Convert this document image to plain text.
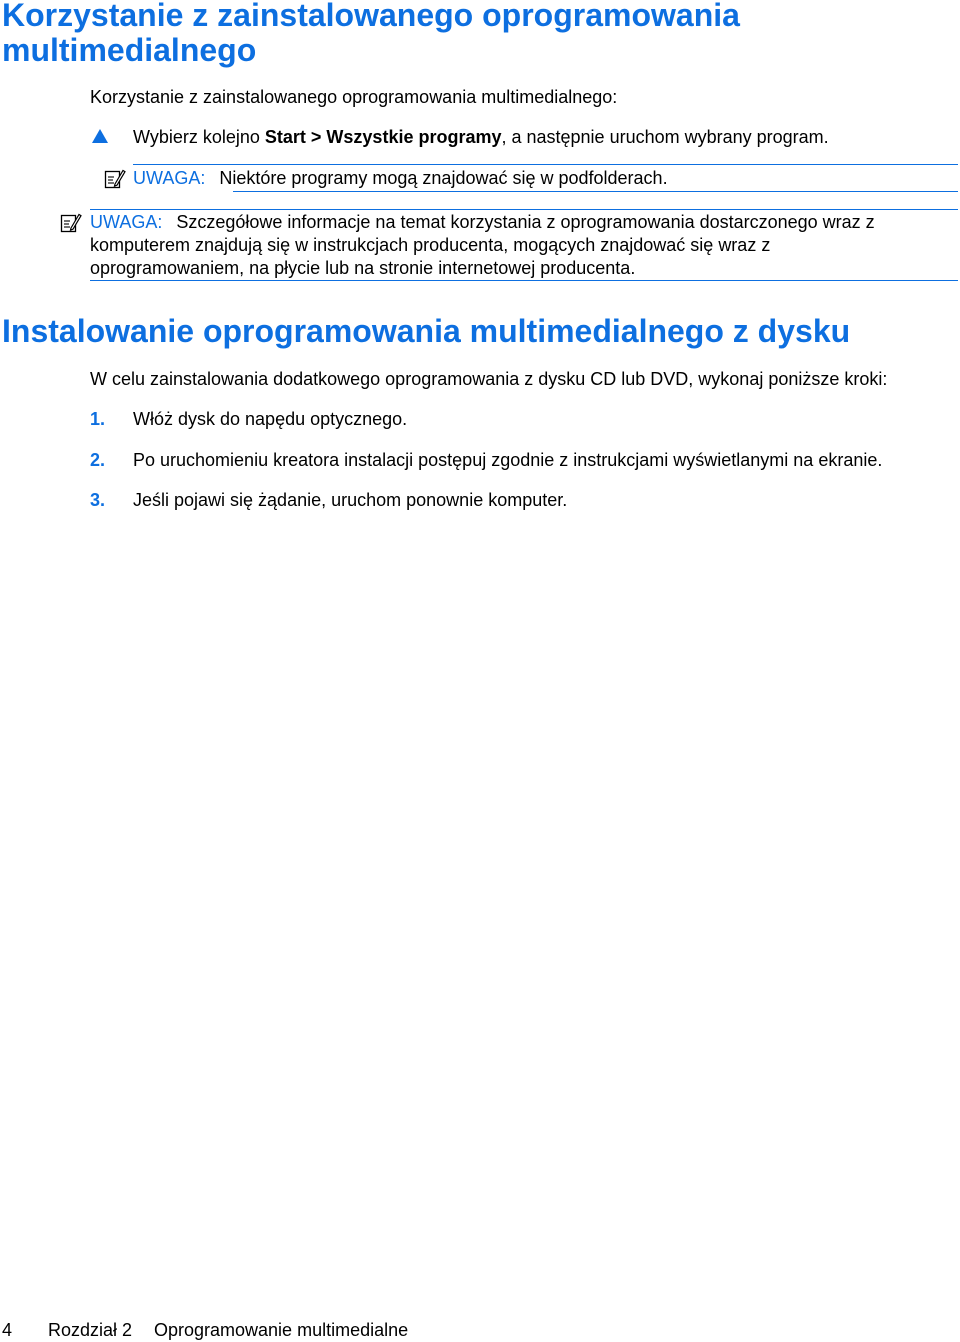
Korzystanie z zainstalowanego oprogramowania multimedialnego
Korzystanie z zainstalowanego oprogramowania multimedialnego:
Wybierz kolejno Start > Wszystkie programy, a następnie uruchom wybrany program.
UWAGA: Niektóre programy mogą znajdować się w podfolderach.
UWAGA: Szczegółowe informacje na temat korzystania z oprogramowania dostarczonego wraz z
komputerem znajdują się w instrukcjach producenta, mogących znajdować się wraz z
oprogramowaniem, na płycie lub na stronie internetowej producenta.
Instalowanie oprogramowania multimedialnego z dysku
W celu zainstalowania dodatkowego oprogramowania z dysku CD lub DVD, wykonaj poniższe kroki:
1. Włóż dysk do napędu optycznego.
2. Po uruchomieniu kreatora instalacji postępuj zgodnie z instrukcjami wyświetlanymi na ekranie.
3. Jeśli pojawi się żądanie, uruchom ponownie komputer.
4 Rozdział 2 Oprogramowanie multimedialne
